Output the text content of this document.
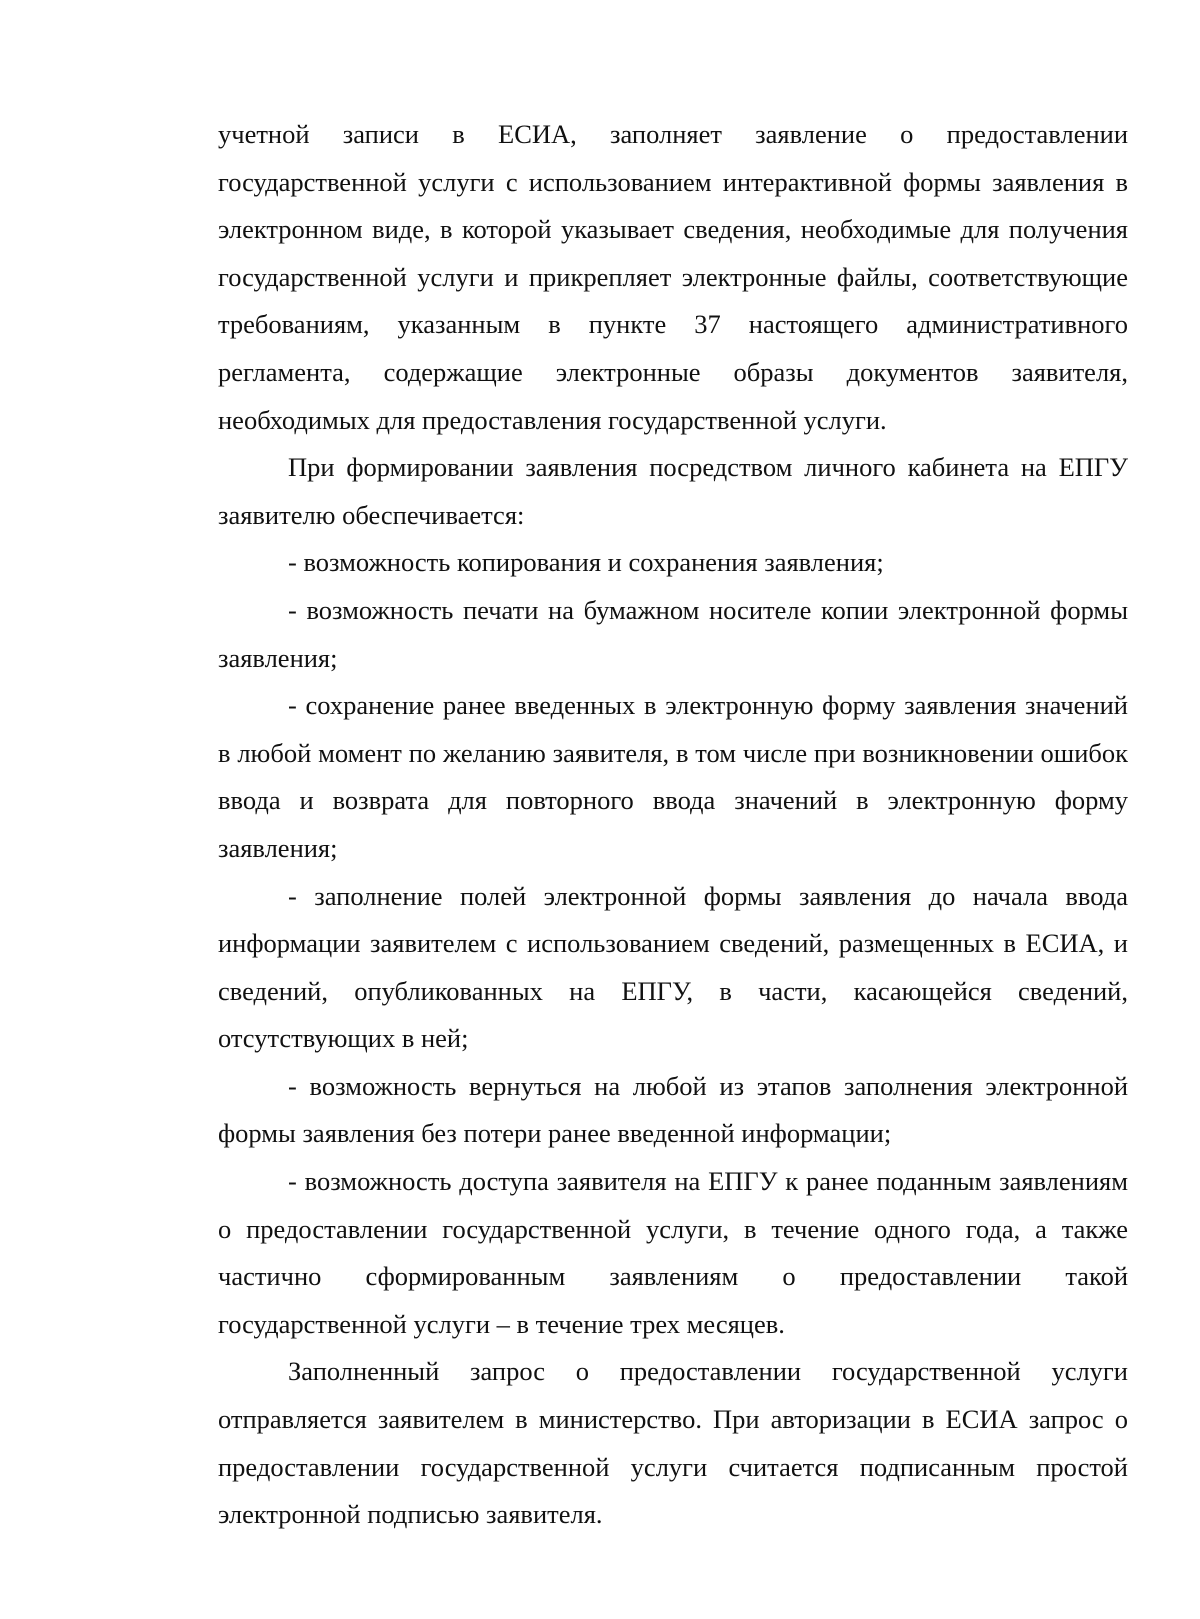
учетной записи в ЕСИА, заполняет заявление о предоставлении государственной услуги с использованием интерактивной формы заявления в электронном виде, в которой указывает сведения, необходимые для получения государственной услуги и прикрепляет электронные файлы, соответствующие требованиям, указанным в пункте 37 настоящего административного регламента, содержащие электронные образы документов заявителя, необходимых для предоставления государственной услуги.

При формировании заявления посредством личного кабинета на ЕПГУ заявителю обеспечивается:

- возможность копирования и сохранения заявления;

- возможность печати на бумажном носителе копии электронной формы заявления;

- сохранение ранее введенных в электронную форму заявления значений в любой момент по желанию заявителя, в том числе при возникновении ошибок ввода и возврата для повторного ввода значений в электронную форму заявления;

- заполнение полей электронной формы заявления до начала ввода информации заявителем с использованием сведений, размещенных в ЕСИА, и сведений, опубликованных на ЕПГУ, в части, касающейся сведений, отсутствующих в ней;

- возможность вернуться на любой из этапов заполнения электронной формы заявления без потери ранее введенной информации;

- возможность доступа заявителя на ЕПГУ к ранее поданным заявлениям о предоставлении государственной услуги, в течение одного года, а также частично сформированным заявлениям о предоставлении такой государственной услуги – в течение трех месяцев.

Заполненный запрос о предоставлении государственной услуги отправляется заявителем в министерство. При авторизации в ЕСИА запрос о предоставлении государственной услуги считается подписанным простой электронной подписью заявителя.
